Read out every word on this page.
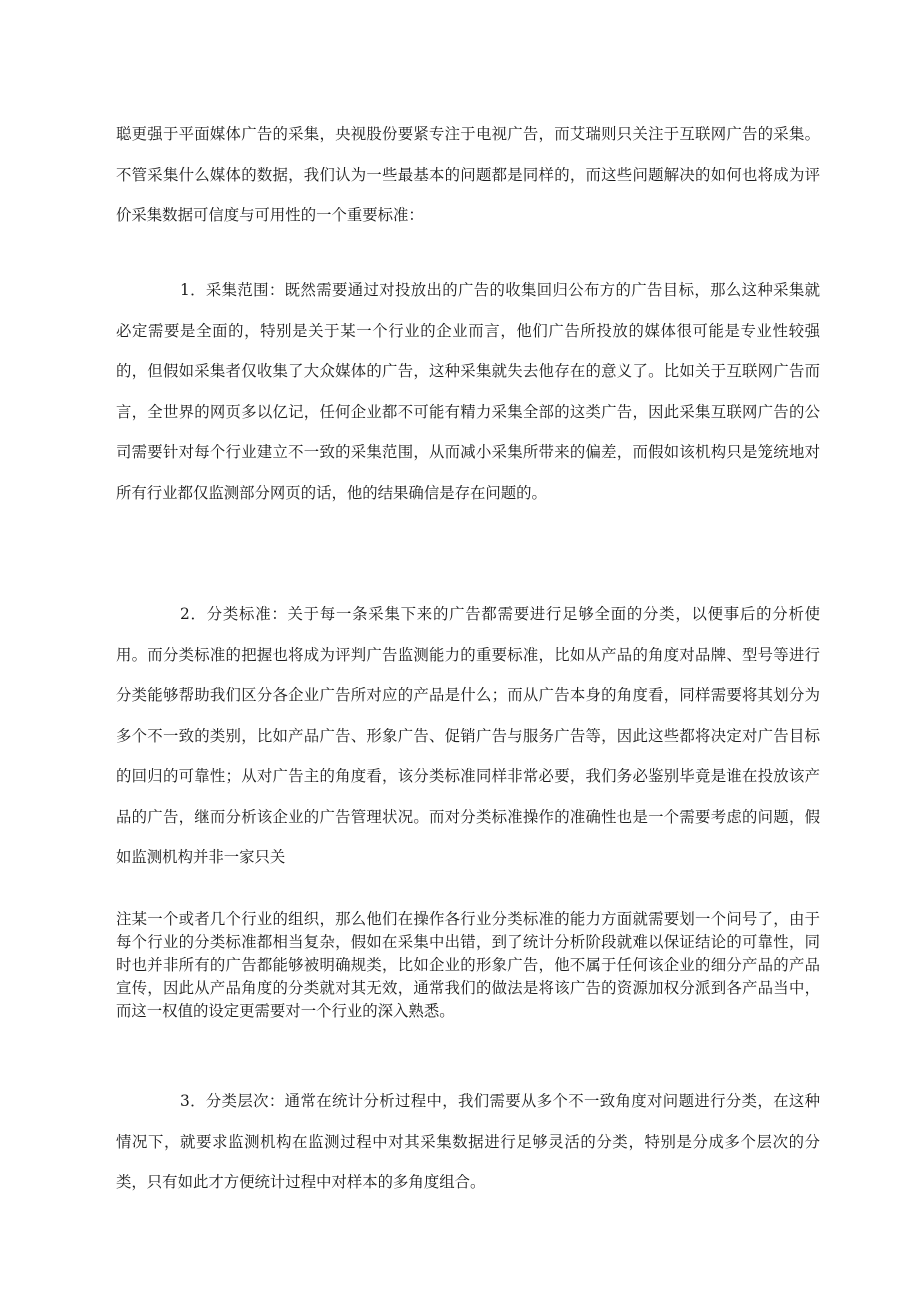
聪更强于平面媒体广告的采集，央视股份要紧专注于电视广告，而艾瑞则只关注于互联网广告的采集。不管采集什么媒体的数据，我们认为一些最基本的问题都是同样的，而这些问题解决的如何也将成为评价采集数据可信度与可用性的一个重要标准：

1．采集范围：既然需要通过对投放出的广告的收集回归公布方的广告目标，那么这种采集就必定需要是全面的，特别是关于某一个行业的企业而言，他们广告所投放的媒体很可能是专业性较强的，但假如采集者仅收集了大众媒体的广告，这种采集就失去他存在的意义了。比如关于互联网广告而言，全世界的网页多以亿记，任何企业都不可能有精力采集全部的这类广告，因此采集互联网广告的公司需要针对每个行业建立不一致的采集范围，从而减小采集所带来的偏差，而假如该机构只是笼统地对所有行业都仅监测部分网页的话，他的结果确信是存在问题的。

2．分类标准：关于每一条采集下来的广告都需要进行足够全面的分类，以便事后的分析使用。而分类标准的把握也将成为评判广告监测能力的重要标准，比如从产品的角度对品牌、型号等进行分类能够帮助我们区分各企业广告所对应的产品是什么；而从广告本身的角度看，同样需要将其划分为多个不一致的类别，比如产品广告、形象广告、促销广告与服务广告等，因此这些都将决定对广告目标的回归的可靠性；从对广告主的角度看，该分类标准同样非常必要，我们务必鉴别毕竟是谁在投放该产品的广告，继而分析该企业的广告管理状况。而对分类标准操作的准确性也是一个需要考虑的问题，假如监测机构并非一家只关

注某一个或者几个行业的组织，那么他们在操作各行业分类标准的能力方面就需要划一个问号了，由于每个行业的分类标准都相当复杂，假如在采集中出错，到了统计分析阶段就难以保证结论的可靠性，同时也并非所有的广告都能够被明确规类，比如企业的形象广告，他不属于任何该企业的细分产品的产品宣传，因此从产品角度的分类就对其无效，通常我们的做法是将该广告的资源加权分派到各产品当中，而这一权值的设定更需要对一个行业的深入熟悉。

3．分类层次：通常在统计分析过程中，我们需要从多个不一致角度对问题进行分类，在这种情况下，就要求监测机构在监测过程中对其采集数据进行足够灵活的分类，特别是分成多个层次的分类，只有如此才方便统计过程中对样本的多角度组合。
